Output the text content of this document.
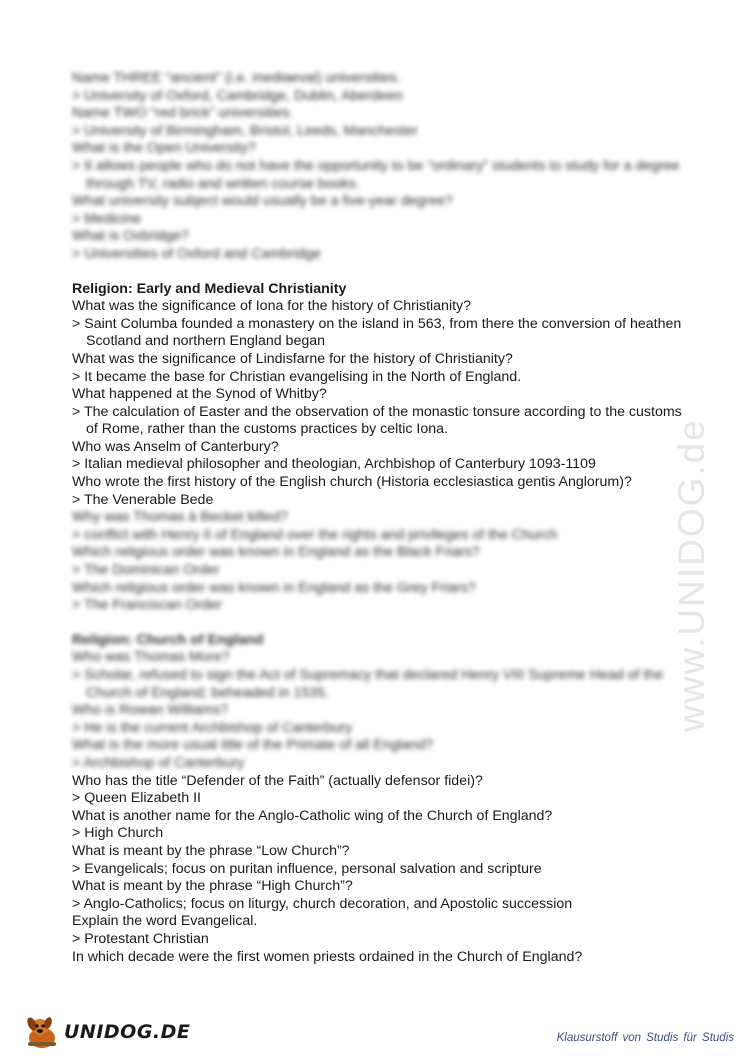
www.UNIDOG.de
Name THREE “ancient” (i.e. mediaeval) universities.
> University of Oxford, Cambridge, Dublin, Aberdeen
Name TWO “red brick” universities.
> University of Birmingham, Bristol, Leeds, Manchester
What is the Open University?
> It allows people who do not have the opportunity to be “ordinary” students to study for a degree through TV, radio and written course books.
What university subject would usually be a five-year degree?
> Medicine
What is Oxbridge?
> Universities of Oxford and Cambridge
Religion: Early and Medieval Christianity
What was the significance of Iona for the history of Christianity?
> Saint Columba founded a monastery on the island in 563, from there the conversion of heathen Scotland and northern England began
What was the significance of Lindisfarne for the history of Christianity?
> It became the base for Christian evangelising in the North of England.
What happened at the Synod of Whitby?
> The calculation of Easter and the observation of the monastic tonsure according to the customs of Rome, rather than the customs practices by celtic Iona.
Who was Anselm of Canterbury?
> Italian medieval philosopher and theologian, Archbishop of Canterbury 1093-1109
Who wrote the first history of the English church (Historia ecclesiastica gentis Anglorum)?
> The Venerable Bede
Why was Thomas à Becket killed?
> conflict with Henry II of England over the rights and privileges of the Church
Which religious order was known in England as the Black Friars?
> The Dominican Order
Which religious order was known in England as the Grey Friars?
> The Franciscan Order
Religion: Church of England
Who was Thomas More?
> Scholar, refused to sign the Act of Supremacy that declared Henry VIII Supreme Head of the Church of England; beheaded in 1535.
Who is Rowan Williams?
> He is the current Archbishop of Canterbury
What is the more usual title of the Primate of all England?
> Archbishop of Canterbury
Who has the title “Defender of the Faith” (actually defensor fidei)?
> Queen Elizabeth II
What is another name for the Anglo-Catholic wing of the Church of England?
> High Church
What is meant by the phrase “Low Church”?
> Evangelicals; focus on puritan influence, personal salvation and scripture
What is meant by the phrase “High Church”?
> Anglo-Catholics; focus on liturgy, church decoration, and Apostolic succession
Explain the word Evangelical.
> Protestant Christian
In which decade were the first women priests ordained in the Church of England?
UNIDOG.DE	Klausurstoff von Studis für Studis
